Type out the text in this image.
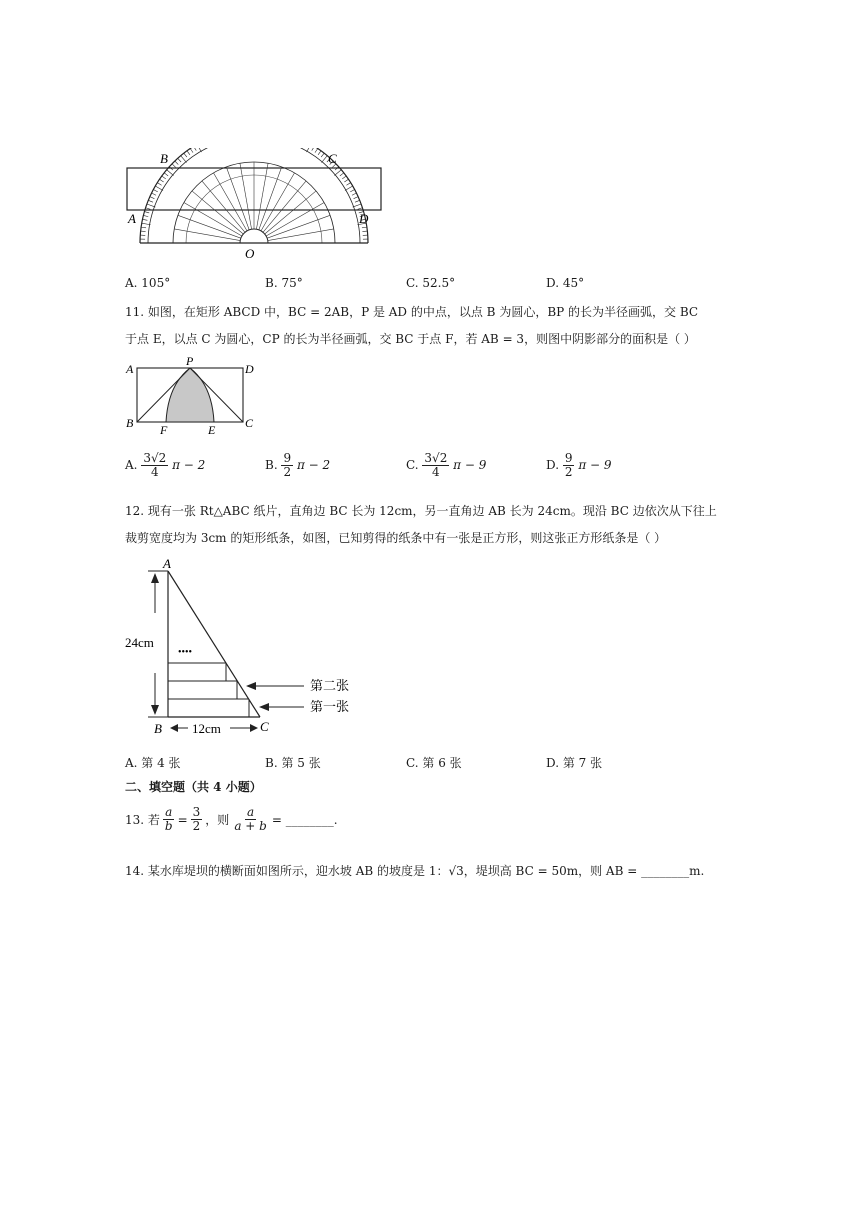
B	C
A	D
O
A. 105°	B. 75°	C. 52.5°	D. 45°
11. 如图，在矩形 ABCD 中，BC = 2AB，P 是 AD 的中点，以点 B 为圆心，BP 的长为半径画弧，交 BC
于点 E，以点 C 为圆心，CP 的长为半径画弧，交 BC 于点 F，若 AB = 3，则图中阴影部分的面积是（ ）
A
P
D
B F	E C
A. $\frac{3√2}{4}$ π − 2	B. $\frac{9}{2}$ π − 2	C. $\frac{3√2}{4}$ π − 9	D. $\frac{9}{2}$ π − 9
12. 现有一张 Rt△ABC 纸片，直角边 BC 长为 12cm，另一直角边 AB 长为 24cm。现沿 BC 边依次从下往上
裁剪宽度均为 3cm 的矩形纸条，如图，已知剪得的纸条中有一张是正方形，则这张正方形纸条是（ ）
A
B	C
24cm
12cm
••••
第二张
第一张
A. 第 4 张	B. 第 5 张	C. 第 6 张	D. 第 7 张
二、填空题（共 4 小题）
13. 若 $\frac{a}{b} = \frac{3}{2}$ ，则 $\frac{a}{a + b}$ = ________.
14. 某水库堤坝的横断面如图所示，迎水坡 AB 的坡度是 1：√3，堤坝高 BC = 50m，则 AB = ________m.
